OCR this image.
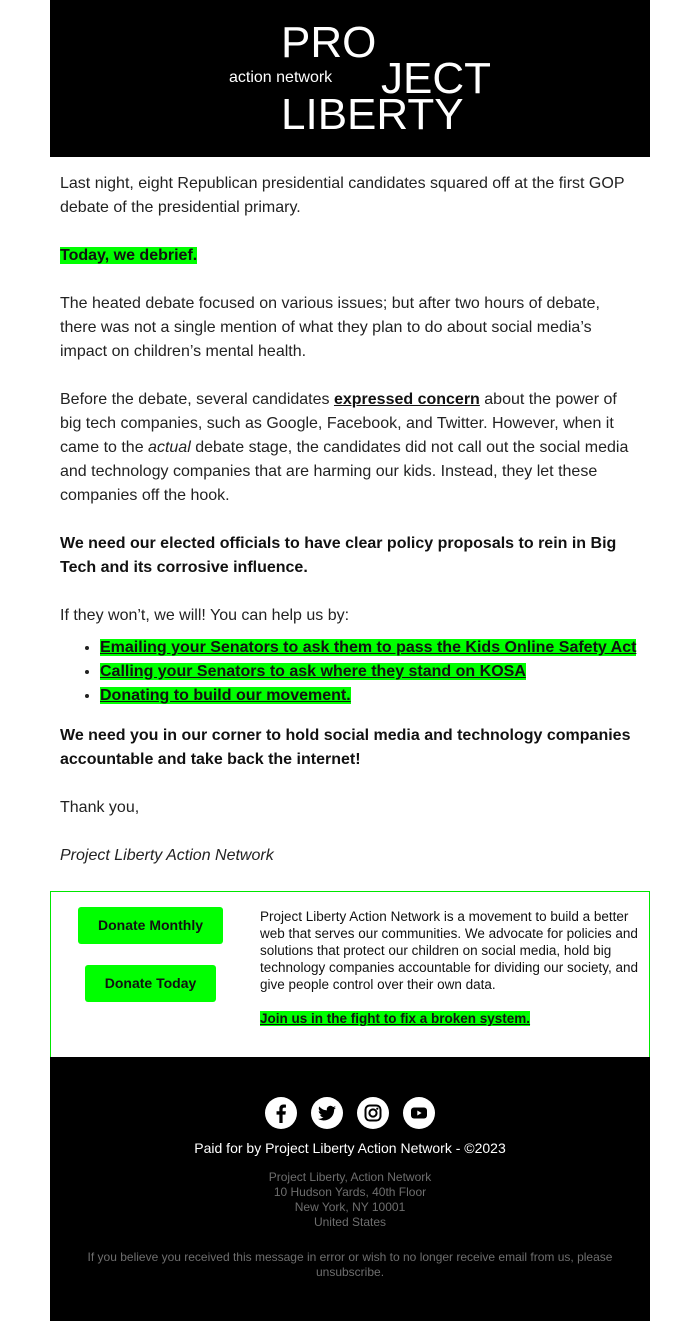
PRO
action network JECT
LIBERTY

Last night, eight Republican presidential candidates squared off at the first GOP debate of the presidential primary.

Today, we debrief.

The heated debate focused on various issues; but after two hours of debate, there was not a single mention of what they plan to do about social media’s impact on children’s mental health.

Before the debate, several candidates expressed concern about the power of big tech companies, such as Google, Facebook, and Twitter. However, when it came to the actual debate stage, the candidates did not call out the social media and technology companies that are harming our kids. Instead, they let these companies off the hook.

We need our elected officials to have clear policy proposals to rein in Big Tech and its corrosive influence.

If they won’t, we will! You can help us by:

• Emailing your Senators to ask them to pass the Kids Online Safety Act
• Calling your Senators to ask where they stand on KOSA
• Donating to build our movement.

We need you in our corner to hold social media and technology companies accountable and take back the internet!

Thank you,

Project Liberty Action Network

Donate Monthly
Donate Today

Project Liberty Action Network is a movement to build a better web that serves our communities. We advocate for policies and solutions that protect our children on social media, hold big technology companies accountable for dividing our society, and give people control over their own data.

Join us in the fight to fix a broken system.

Paid for by Project Liberty Action Network - ©2023
Project Liberty, Action Network
10 Hudson Yards, 40th Floor
New York, NY 10001
United States
If you believe you received this message in error or wish to no longer receive email from us, please unsubscribe.
